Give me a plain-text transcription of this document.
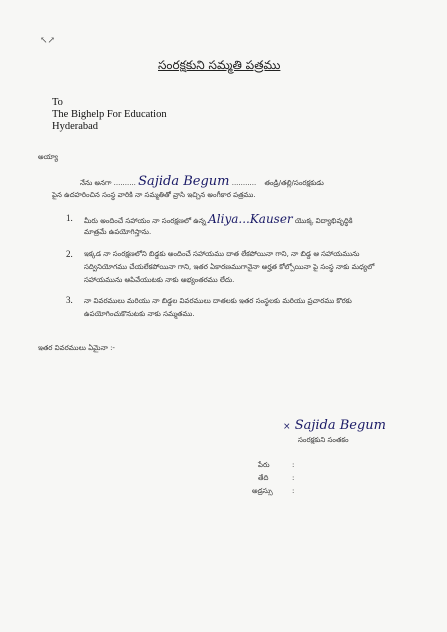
↖↗
సంరక్షకుని సమ్మతి పత్రము
To
The Bighelp For Education
Hyderabad
అయ్యా
నేను అనగా .......... Sajida Begum ........... తండ్రి/తల్లి/సంరక్షకుడు
పైన ఉదహరించిన సంస్థ వారికి నా సమ్మతితో వ్రాసి ఇచ్చిన అంగీకార పత్రము.
1. మీరు అందించే సహాయం నా సంరక్షణలో ఉన్న Aliya...Kauser యొక్క విద్యాభివృద్ధికి
మాత్రమే ఉపయోగిస్తాను.
2. ఇక్కడ నా సంరక్షణలోని బిడ్డకు అందించే సహాయము దాత లేకపోయినా గాని, నా బిడ్డ ఆ సహాయమును
సద్వినియోగము చేయలేకపోయినా గాని, ఇతర ఏకారణముగానైనా అర్హత కోల్పోయినా పై సంస్థ నాకు మధ్యలో
సహాయమును ఆపివేయుటకు నాకు అభ్యంతరము లేదు.
3. నా వివరములు మరియు నా బిడ్డల వివరములు దాతలకు ఇతర సంస్థలకు మరియు ప్రచారము కొరకు
ఉపయోగించుకొనుటకు నాకు సమ్మతము.
ఇతర వివరములు ఏమైనా :-
× Sajida Begum
సంరక్షకుని సంతకం
పేరు	:
తేది	:
అడ్రస్సు	:
